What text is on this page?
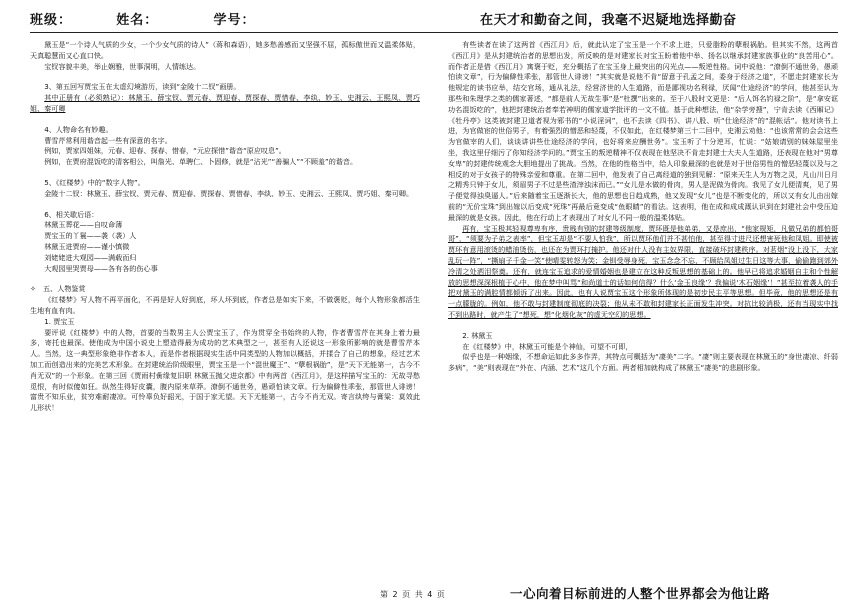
班级：        姓名：          学号：	在天才和勤奋之间，我毫不迟疑地选择勤奋

黛玉是“一个诗人气质的少女，一个少女气质的诗人”（蒋和森语），她多愁善感而又坚强不屈，孤标傲世而又温柔体贴，天真聪慧而又心直口快。

宝钗容貌丰美，举止娴雅，世事洞明，人情练达。

3、第五回写贾宝玉在太虚幻境游历，读到“金陵十二钗”画册。

其中正册有（必须熟记）：林黛玉、薛宝钗、贾元春、贾迎春、贾探春、贾惜春、李纨、妙玉、史湘云、王熙凤、贾巧姐、秦可卿

4、人物命名有妙趣。

曹雪芹常利用谐音起一些有深意的名字。

例如，贾家四姐妹，元春、迎春、探春、惜春，“元应探惜”谐音“原应叹息”。

例如，在贾府混饭吃的清客相公，叫詹光、单聘仁、卜固修，就是“沾光”“善骗人”“不顾羞”的谐音。

5、《红楼梦》中的“数字人物”。

金陵十二钗：林黛玉、薛宝钗、贾元春、贾迎春、贾探春、贾惜春、李纨、妙玉、史湘云、王熙凤、贾巧姐、秦可卿。

6、相关歇后语：

林黛玉葬花——自叹命薄

贾宝玉的丫鬟——袭（袭）人

林黛玉进贾府——谨小慎微

刘姥姥进大观园——满载而归

大观园里哭贾母——各有各的伤心事

✧　五、人物鉴赏

《红楼梦》写人物不再平面化，不再是好人好到底，坏人坏到底，作者总是如实下来，不做褒贬，每个人物形象都活生生地有血有肉。

1. 贾宝玉

要评说《红楼梦》中的人物，首要的当数男主人公贾宝玉了，作为贯穿全书始终的人物，作者曹雪芹在其身上着力最多，寄托也最深。使他成为中国小说史上塑造得最为成功的艺术典型之一，甚至有人还说这一形象所影响的就是曹雪芹本人。当然，这一典型形象绝非作者本人，而是作者根据现实生活中同类型的人物加以概括，并揉合了自己的想象，经过艺术加工而创造出来的完美艺术形象。在封建统治阶级眼里，贾宝玉是一个“混世魔王”、“孽根祸胎”，是“天下无能第一，古今不肖无双”的一个形象。在第三回《贾雨村夤缘复旧职 林黛玉抛父进京都》中有两首《西江月》，是这样描写宝玉的：无故寻愁觅恨，有时似傻如狂。纵然生得好皮囊，腹内原来草莽。潦倒不通世务，愚顽怕读文章。行为偏僻性乖张，那管世人诽谤！富贵不知乐业，贫穷难耐凄凉。可怜辜负好韶光，于国于家无望。天下无能第一，古今不肖无双。寄言纨绔与膏粱：莫效此儿形状！

有些读者在读了这两首《西江月》后，就此认定了宝玉是一个不求上进，只爱脂粉的孽根祸胎。但其实不然，这两首《西江月》是从封建统治者的思想出发，所反映的是对建家长对宝玉盼着他中举、扬名以继承封建家族事业的“良苦用心”。而作者正是借《西江月》寓褒于贬，充分概括了在宝玉身上最突出的闪光点——叛逆性格。词中说他：“潦倒不通世务，愚顽怕读文章”，行为偏僻性乖张，那管世人诽谤！”其实就是说他不肯“留意于孔孟之间，委身于经济之道”，不愿走封建家长为他规定的读书应举，结交官场，通从礼法，经营济世的人生道路，而是鄙视功名利禄，厌闻“仕途经济”的学问，他甚至认为那些和朱理学之类的儒家著述，“都是前人无故生事”是“杜撰”出来的。至于八股时文更是：“后人饵名钓禄之阶”，是“拿安诓功名混饭吃的”，他把封建统治者奉若神明的儒家道学批评的一文不值。基于此种想法，他“杂学旁搜”，宁肯去读《西厢记》《牡丹亭》这类被封建卫道者视为邪书的“小说淫词”，也不去读《四书》、讲八股、听“仕途经济”的“混帐话”。他对读书上进，为官做宦的世俗男子，有着强烈的憎恶和轻蔑，不仅如此，在红楼梦第三十二回中，史湘云劝他：“也该常常的会会这些为官做宰的人们，谈谈讲讲些仕途经济的学问，也好将来应酬世务”。宝玉听了十分逆耳，忙说：“姑娘请别的妹妹屋里坐坐，我这里仔细污了你知经济学问的。”贾宝玉的叛逆精神不仅表现在他坚决不肯走封建士大夫人生道路，还表现在他对“男尊女卑”的封建传统观念大胆地提出了挑战。当然，在他的性格当中，给人印象最深的也就是对于世俗男性的憎恶轻蔑以及与之相反的对于女孩子的特殊亲爱和尊重。在第二回中，他发表了自己离经道的独到见解：“原来天生人为万物之灵，凡山川日月之精秀只钟于女儿，须眉男子不过是些渣滓浊沫而已。”“女儿是水做的骨肉，男人是泥做为骨肉。我见了女儿便清爽，见了男子便觉得浊臭逼人。”后来随着宝玉逐渐长大，他的思想也日趋成熟，他又发现“女儿”也是不断变化的，所以又有女儿由出嫁前的“无价宝珠”到出嫁以后变成“死珠”再最后竟变成“鱼眼睛”的看法。这表明，他在成和成成溉认识到在封建社会中受压迫最深的就是女孩。因此，他在行动上才表现出了对女儿不同一般的温柔体贴。

再有，宝玉极其轻视尊卑有序，贵贱有别的封建等级制度，贾环既是他弟弟，又是庶出，“他家规矩，凡做兄弟的都怕哥哥”，“须要为子弟之表率”，但宝玉却是“不要人怕我”，所以贾环他们并不甚怕他，甚至得寸进尺还想害死他和凤姐。即使被贾环有意用滚烫的蜡油烫伤，也还在为贾环打掩护。他还对什人没有主奴界限，直接破坏封建秩序。对茗烟“没上没下，大家乱玩一阵”，“撕扇子千金一笑”使晴雯转怒为笑；金钏受辱身死，宝玉念念不忘，不顾给凤姐过生日这等大事，偷偷跑到郊外冷清之处洒泪祭奠。还有，就连宝玉追求的爱情婚姻也是建立在这种反叛思想的基础上的。他早已将追求婚姻自主和个性解放的思想深深根植于心中，他在梦中叫骂“和尚道士的话如何信得？什么‘金玉良缘’？我偏说‘木石姻缘’！”甚至拉着袭人的手把对黛玉的满腔情都倾诉了出来。因此，也有人说贾宝玉这个形象所体现的是初步民主平等思想。但毕竟，他的思想还是有一点朦胧的。例如，他不敢与封建制度彻底的决裂；他从未不敢和封建家长正面发生冲突。对抗比较消极，还有当现实中找不到出路时，就产生了“想死，想“化烟化灰”的虚无空幻的思想。

2. 林黛玉

在《红楼梦》中，林黛玉可能是个神仙，可望不可即，

似乎也是一种姻缘，不想命运如此多多作弄，其特点可概括为“凄美”二字。“凄”则主要表现在林黛玉的“身世凄凉、纤弱多病”，“美”则表现在“外在、内涵、艺术”这几个方面。两者相加就构成了林黛玉“凄美”的悲剧形象。

第 2 页 共 4 页	一心向着目标前进的人整个世界都会为他让路
